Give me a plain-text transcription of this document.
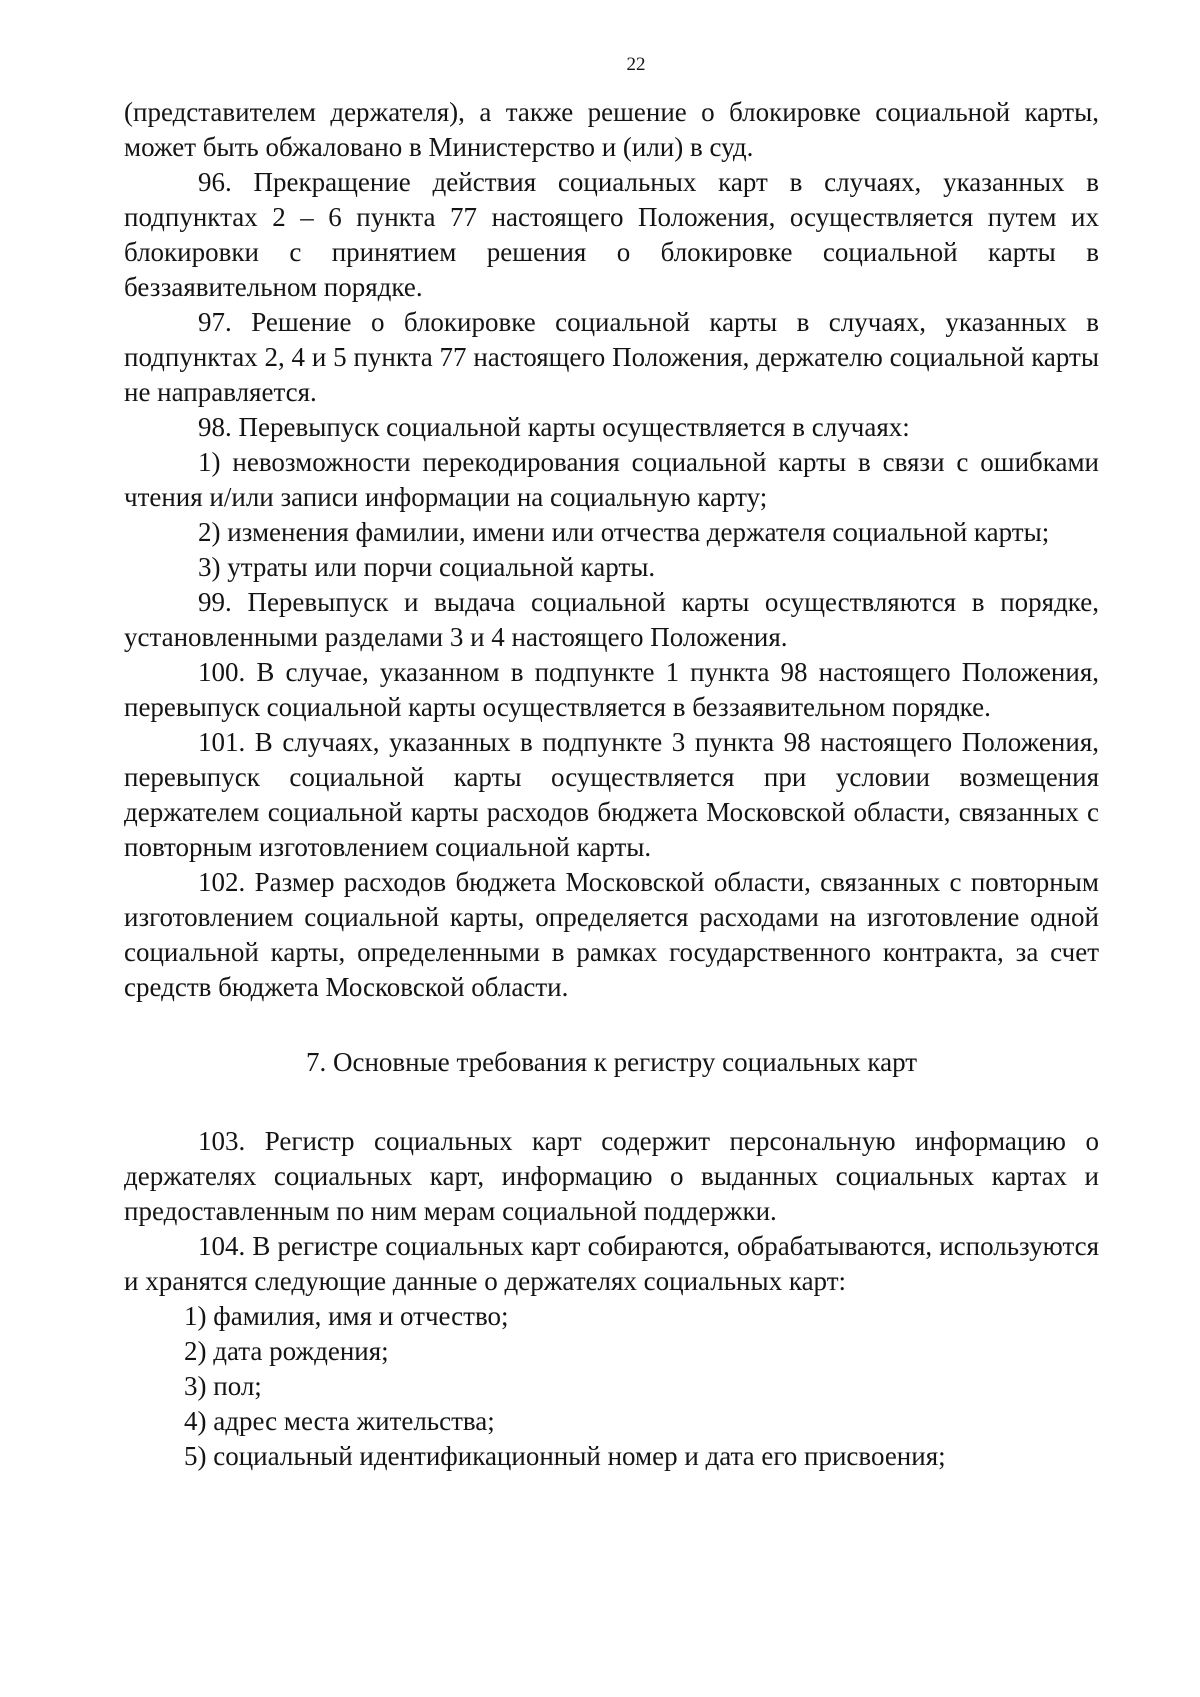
22

(представителем держателя), а также решение о блокировке социальной карты, может быть обжаловано в Министерство и (или) в суд.

96. Прекращение действия социальных карт в случаях, указанных в подпунктах 2 – 6 пункта 77 настоящего Положения, осуществляется путем их блокировки с принятием решения о блокировке социальной карты в беззаявительном порядке.

97. Решение о блокировке социальной карты в случаях, указанных в подпунктах 2, 4 и 5 пункта 77 настоящего Положения, держателю социальной карты не направляется.

98. Перевыпуск социальной карты осуществляется в случаях:

1) невозможности перекодирования социальной карты в связи с ошибками чтения и/или записи информации на социальную карту;

2) изменения фамилии, имени или отчества держателя социальной карты;

3) утраты или порчи социальной карты.

99. Перевыпуск и выдача социальной карты осуществляются в порядке, установленными разделами 3 и 4 настоящего Положения.

100. В случае, указанном в подпункте 1 пункта 98 настоящего Положения, перевыпуск социальной карты осуществляется в беззаявительном порядке.

101. В случаях, указанных в подпункте 3 пункта 98 настоящего Положения, перевыпуск социальной карты осуществляется при условии возмещения держателем социальной карты расходов бюджета Московской области, связанных с повторным изготовлением социальной карты.

102. Размер расходов бюджета Московской области, связанных с повторным изготовлением социальной карты, определяется расходами на изготовление одной социальной карты, определенными в рамках государственного контракта, за счет средств бюджета Московской области.

7. Основные требования к регистру социальных карт

103. Регистр социальных карт содержит персональную информацию о держателях социальных карт, информацию о выданных социальных картах и предоставленным по ним мерам социальной поддержки.

104. В регистре социальных карт собираются, обрабатываются, используются и хранятся следующие данные о держателях социальных карт:

1) фамилия, имя и отчество;

2) дата рождения;

3) пол;

4) адрес места жительства;

5) социальный идентификационный номер и дата его присвоения;
